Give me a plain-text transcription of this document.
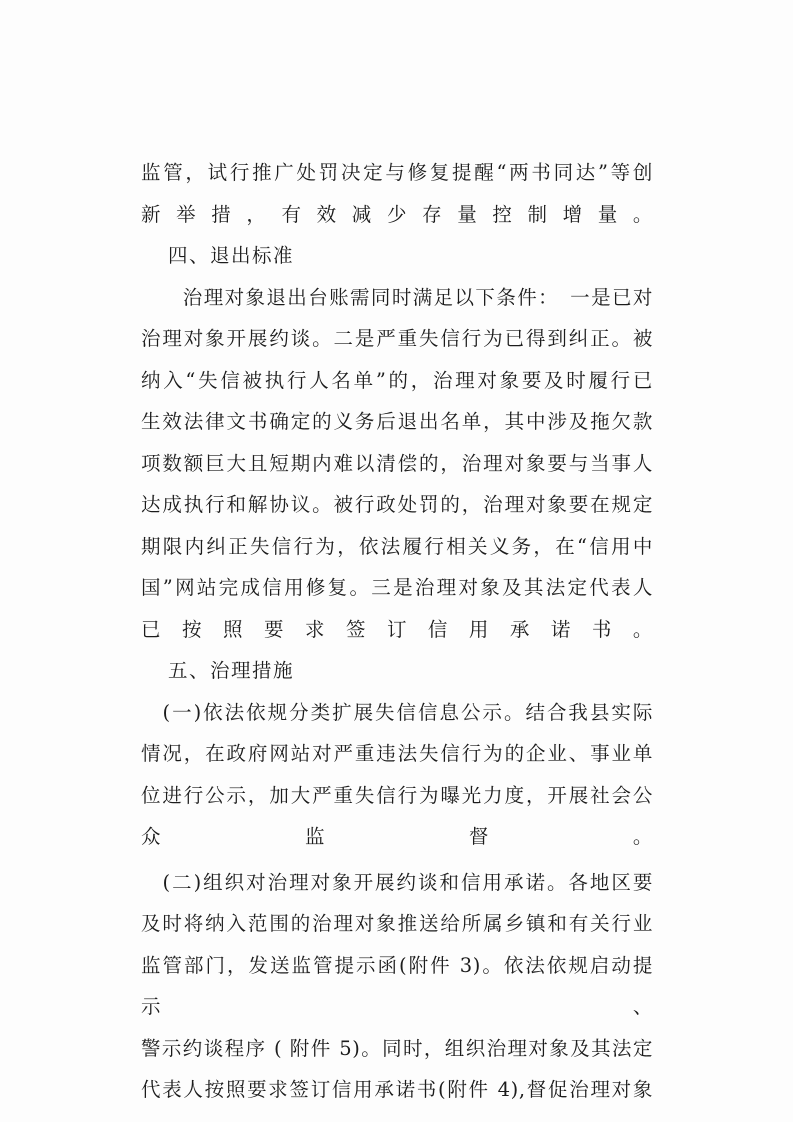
监管，试行推广处罚决定与修复提醒“两书同达”等创
新举措，有效减少存量控制增量。

四、退出标准

　　治理对象退出台账需同时满足以下条件：　一是已对
治理对象开展约谈。二是严重失信行为已得到纠正。被
纳入“失信被执行人名单”的，治理对象要及时履行已
生效法律文书确定的义务后退出名单，其中涉及拖欠款
项数额巨大且短期内难以清偿的，治理对象要与当事人
达成执行和解协议。被行政处罚的，治理对象要在规定
期限内纠正失信行为，依法履行相关义务，在“信用中
国”网站完成信用修复。三是治理对象及其法定代表人
已按照要求签订信用承诺书。

五、治理措施

　(一)依法依规分类扩展失信信息公示。结合我县实际
情况，在政府网站对严重违法失信行为的企业、事业单
位进行公示，加大严重失信行为曝光力度，开展社会公
众监督。

　(二)组织对治理对象开展约谈和信用承诺。各地区要
及时将纳入范围的治理对象推送给所属乡镇和有关行业
监管部门，发送监管提示函(附件 3)。依法依规启动提示、
警示约谈程序 ( 附件 5)。同时，组织治理对象及其法定
代表人按照要求签订信用承诺书(附件 4),督促治理对象
